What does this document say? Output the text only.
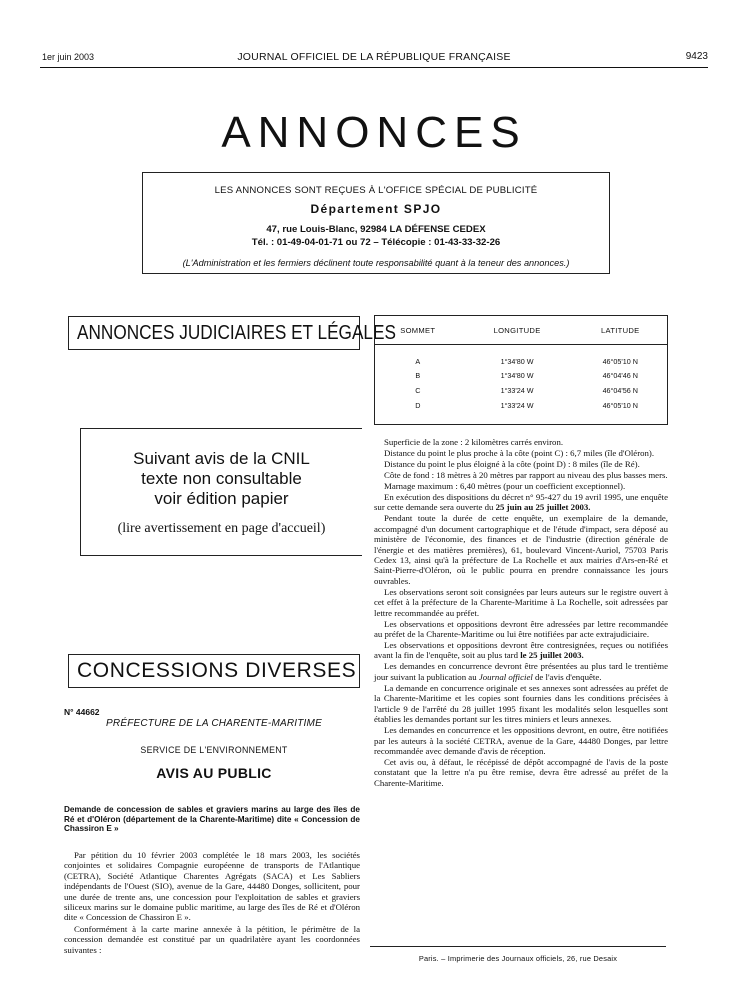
1er juin 2003	JOURNAL OFFICIEL DE LA RÉPUBLIQUE FRANÇAISE	9423
ANNONCES
LES ANNONCES SONT REÇUES À L'OFFICE SPÉCIAL DE PUBLICITÉ
Département SPJO
47, rue Louis-Blanc, 92984 LA DÉFENSE CEDEX
Tél. : 01-49-04-01-71 ou 72 – Télécopie : 01-43-33-32-26
(L'Administration et les fermiers déclinent toute responsabilité quant à la teneur des annonces.)
ANNONCES JUDICIAIRES ET LÉGALES
Suivant avis de la CNIL
texte non consultable
voir édition papier
(lire avertissement en page d'accueil)
CONCESSIONS DIVERSES
N° 44662
PRÉFECTURE DE LA CHARENTE-MARITIME
SERVICE DE L'ENVIRONNEMENT
AVIS AU PUBLIC
Demande de concession de sables et graviers marins au large des îles de Ré et d'Oléron (département de la Charente-Maritime) dite « Concession de Chassiron E »

Par pétition du 10 février 2003 complétée le 18 mars 2003, les sociétés conjointes et solidaires Compagnie européenne de transports de l'Atlantique (CETRA), Société Atlantique Charentes Agrégats (SACA) et Les Sabliers indépendants de l'Ouest (SIO), avenue de la Gare, 44480 Donges, sollicitent, pour une durée de trente ans, une concession pour l'exploitation de sables et graviers siliceux marins sur le domaine public maritime, au large des îles de Ré et d'Oléron dite « Concession de Chassiron E ».

Conformément à la carte marine annexée à la pétition, le périmètre de la concession demandée est constitué par un quadrilatère ayant les coordonnées suivantes :

SOMMET	LONGITUDE	LATITUDE
A	1°34'80 W	46°05'10 N
B	1°34'80 W	46°04'46 N
C	1°33'24 W	46°04'56 N
D	1°33'24 W	46°05'10 N

Superficie de la zone : 2 kilomètres carrés environ.

Distance du point le plus proche à la côte (point C) : 6,7 miles (île d'Oléron).

Distance du point le plus éloigné à la côte (point D) : 8 miles (île de Ré).

Côte de fond : 18 mètres à 20 mètres par rapport au niveau des plus basses mers.

Marnage maximum : 6,40 mètres (pour un coefficient exceptionnel).

En exécution des dispositions du décret n° 95-427 du 19 avril 1995, une enquête sur cette demande sera ouverte du 25 juin au 25 juillet 2003.

Pendant toute la durée de cette enquête, un exemplaire de la demande, accompagné d'un document cartographique et de l'étude d'impact, sera déposé au ministère de l'économie, des finances et de l'industrie (direction générale de l'énergie et des matières premières), 61, boulevard Vincent-Auriol, 75703 Paris Cedex 13, ainsi qu'à la préfecture de La Rochelle et aux mairies d'Ars-en-Ré et Saint-Pierre-d'Oléron, où le public pourra en prendre connaissance les jours ouvrables.

Les observations seront soit consignées par leurs auteurs sur le registre ouvert à cet effet à la préfecture de la Charente-Maritime à La Rochelle, soit adressées par lettre recommandée au préfet.

Les observations et oppositions devront être adressées par lettre recommandée au préfet de la Charente-Maritime ou lui être notifiées par acte extrajudiciaire.

Les observations et oppositions devront être contresignées, reçues ou notifiées avant la fin de l'enquête, soit au plus tard le 25 juillet 2003.

Les demandes en concurrence devront être présentées au plus tard le trentième jour suivant la publication au Journal officiel de l'avis d'enquête.

La demande en concurrence originale et ses annexes sont adressées au préfet de la Charente-Maritime et les copies sont fournies dans les conditions précisées à l'article 9 de l'arrêté du 28 juillet 1995 fixant les modalités selon lesquelles sont établies les demandes portant sur les titres miniers et leurs annexes.

Les demandes en concurrence et les oppositions devront, en outre, être notifiées par les auteurs à la société CETRA, avenue de la Gare, 44480 Donges, par lettre recommandée avec demande d'avis de réception.

Cet avis ou, à défaut, le récépissé de dépôt accompagné de l'avis de la poste constatant que la lettre n'a pu être remise, devra être adressé au préfet de la Charente-Maritime.

Paris. – Imprimerie des Journaux officiels, 26, rue Desaix
